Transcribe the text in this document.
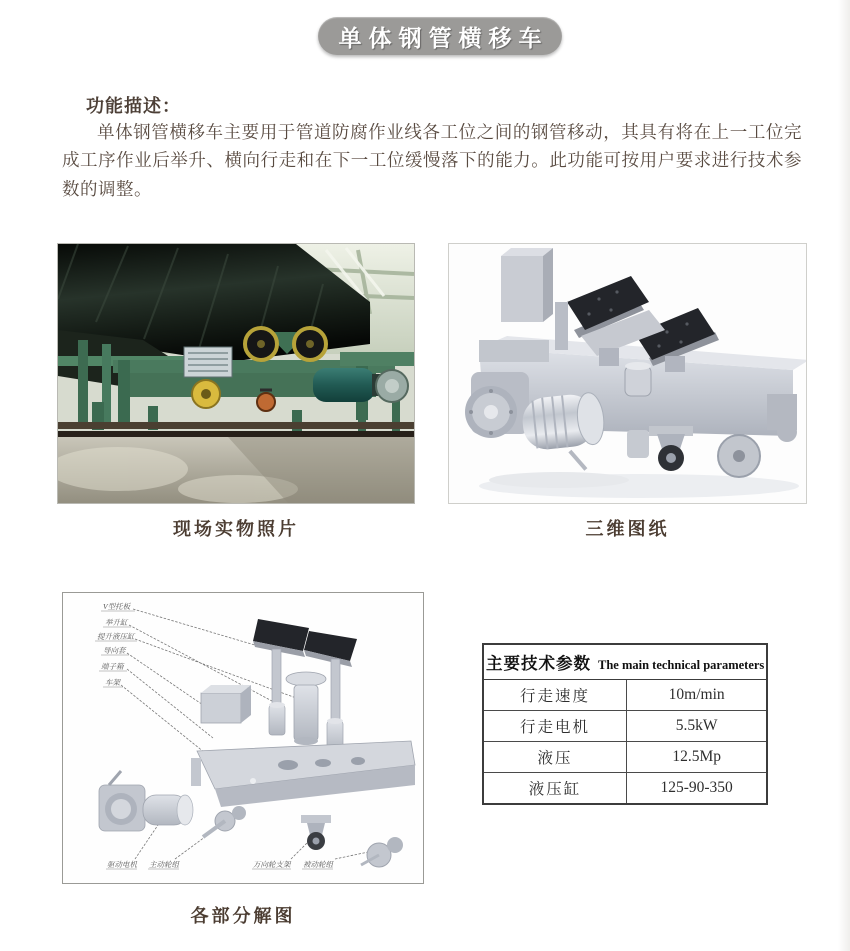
单体钢管横移车
功能描述：
单体钢管横移车主要用于管道防腐作业线各工位之间的钢管移动，其具有将在上一工位完成工序作业后举升、横向行走和在下一工位缓慢落下的能力。此功能可按用户要求进行技术参数的调整。
现场实物照片	三维图纸
V型托板
举升缸
提升液压缸
导向套
端子箱
车架
驱动电机 主动轮组	万向轮支架 被动轮组
各部分解图
主要技术参数 The main technical parameters	
行走速度	10m/min
行走电机	5.5kW
液压	12.5Mp
液压缸	125-90-350
